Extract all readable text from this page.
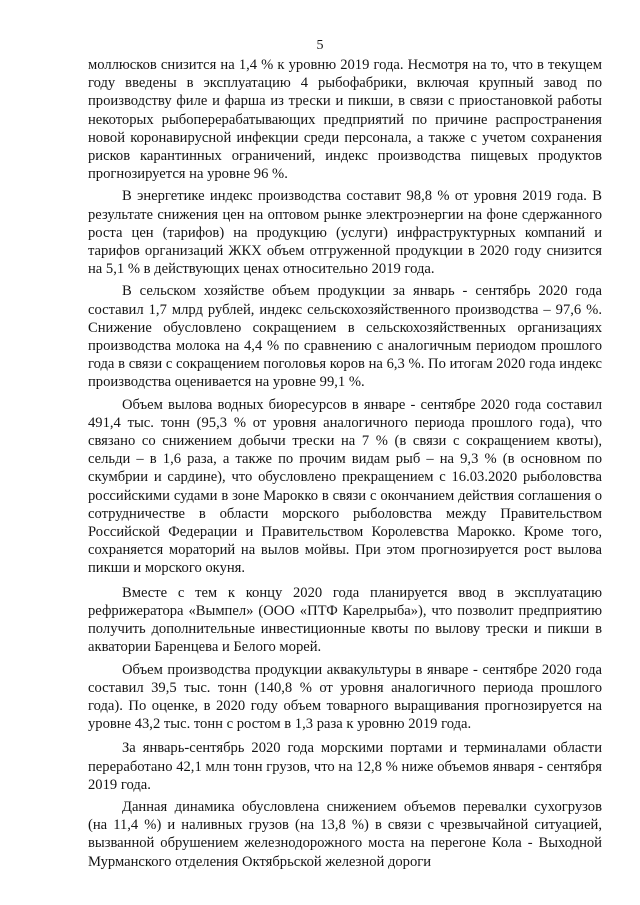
5

моллюсков снизится на 1,4 % к уровню 2019 года. Несмотря на то, что в текущем году введены в эксплуатацию 4 рыбофабрики, включая крупный завод по производству филе и фарша из трески и пикши, в связи с приостановкой работы некоторых рыбоперерабатывающих предприятий по причине распространения новой коронавирусной инфекции среди персонала, а также с учетом сохранения рисков карантинных ограничений, индекс производства пищевых продуктов прогнозируется на уровне 96 %.

В энергетике индекс производства составит 98,8 % от уровня 2019 года. В результате снижения цен на оптовом рынке электроэнергии на фоне сдержанного роста цен (тарифов) на продукцию (услуги) инфраструктурных компаний и тарифов организаций ЖКХ объем отгруженной продукции в 2020 году снизится на 5,1 % в действующих ценах относительно 2019 года.

В сельском хозяйстве объем продукции за январь - сентябрь 2020 года составил 1,7 млрд рублей, индекс сельскохозяйственного производства – 97,6 %. Снижение обусловлено сокращением в сельскохозяйственных организациях производства молока на 4,4 % по сравнению с аналогичным периодом прошлого года в связи с сокращением поголовья коров на 6,3 %. По итогам 2020 года индекс производства оценивается на уровне 99,1 %.

Объем вылова водных биоресурсов в январе - сентябре 2020 года составил 491,4 тыс. тонн (95,3 % от уровня аналогичного периода прошлого года), что связано со снижением добычи трески на 7 % (в связи с сокращением квоты), сельди – в 1,6 раза, а также по прочим видам рыб – на 9,3 % (в основном по скумбрии и сардине), что обусловлено прекращением с 16.03.2020 рыболовства российскими судами в зоне Марокко в связи с окончанием действия соглашения о сотрудничестве в области морского рыболовства между Правительством Российской Федерации и Правительством Королевства Марокко. Кроме того, сохраняется мораторий на вылов мойвы. При этом прогнозируется рост вылова пикши и морского окуня.

Вместе с тем к концу 2020 года планируется ввод в эксплуатацию рефрижератора «Вымпел» (ООО «ПТФ Карелрыба»), что позволит предприятию получить дополнительные инвестиционные квоты по вылову трески и пикши в акватории Баренцева и Белого морей.

Объем производства продукции аквакультуры в январе - сентябре 2020 года составил 39,5 тыс. тонн (140,8 % от уровня аналогичного периода прошлого года). По оценке, в 2020 году объем товарного выращивания прогнозируется на уровне 43,2 тыс. тонн с ростом в 1,3 раза к уровню 2019 года.

За январь-сентябрь 2020 года морскими портами и терминалами области переработано 42,1 млн тонн грузов, что на 12,8 % ниже объемов января - сентября 2019 года.

Данная динамика обусловлена снижением объемов перевалки сухогрузов (на 11,4 %) и наливных грузов (на 13,8 %) в связи с чрезвычайной ситуацией, вызванной обрушением железнодорожного моста на перегоне Кола - Выходной Мурманского отделения Октябрьской железной дороги
